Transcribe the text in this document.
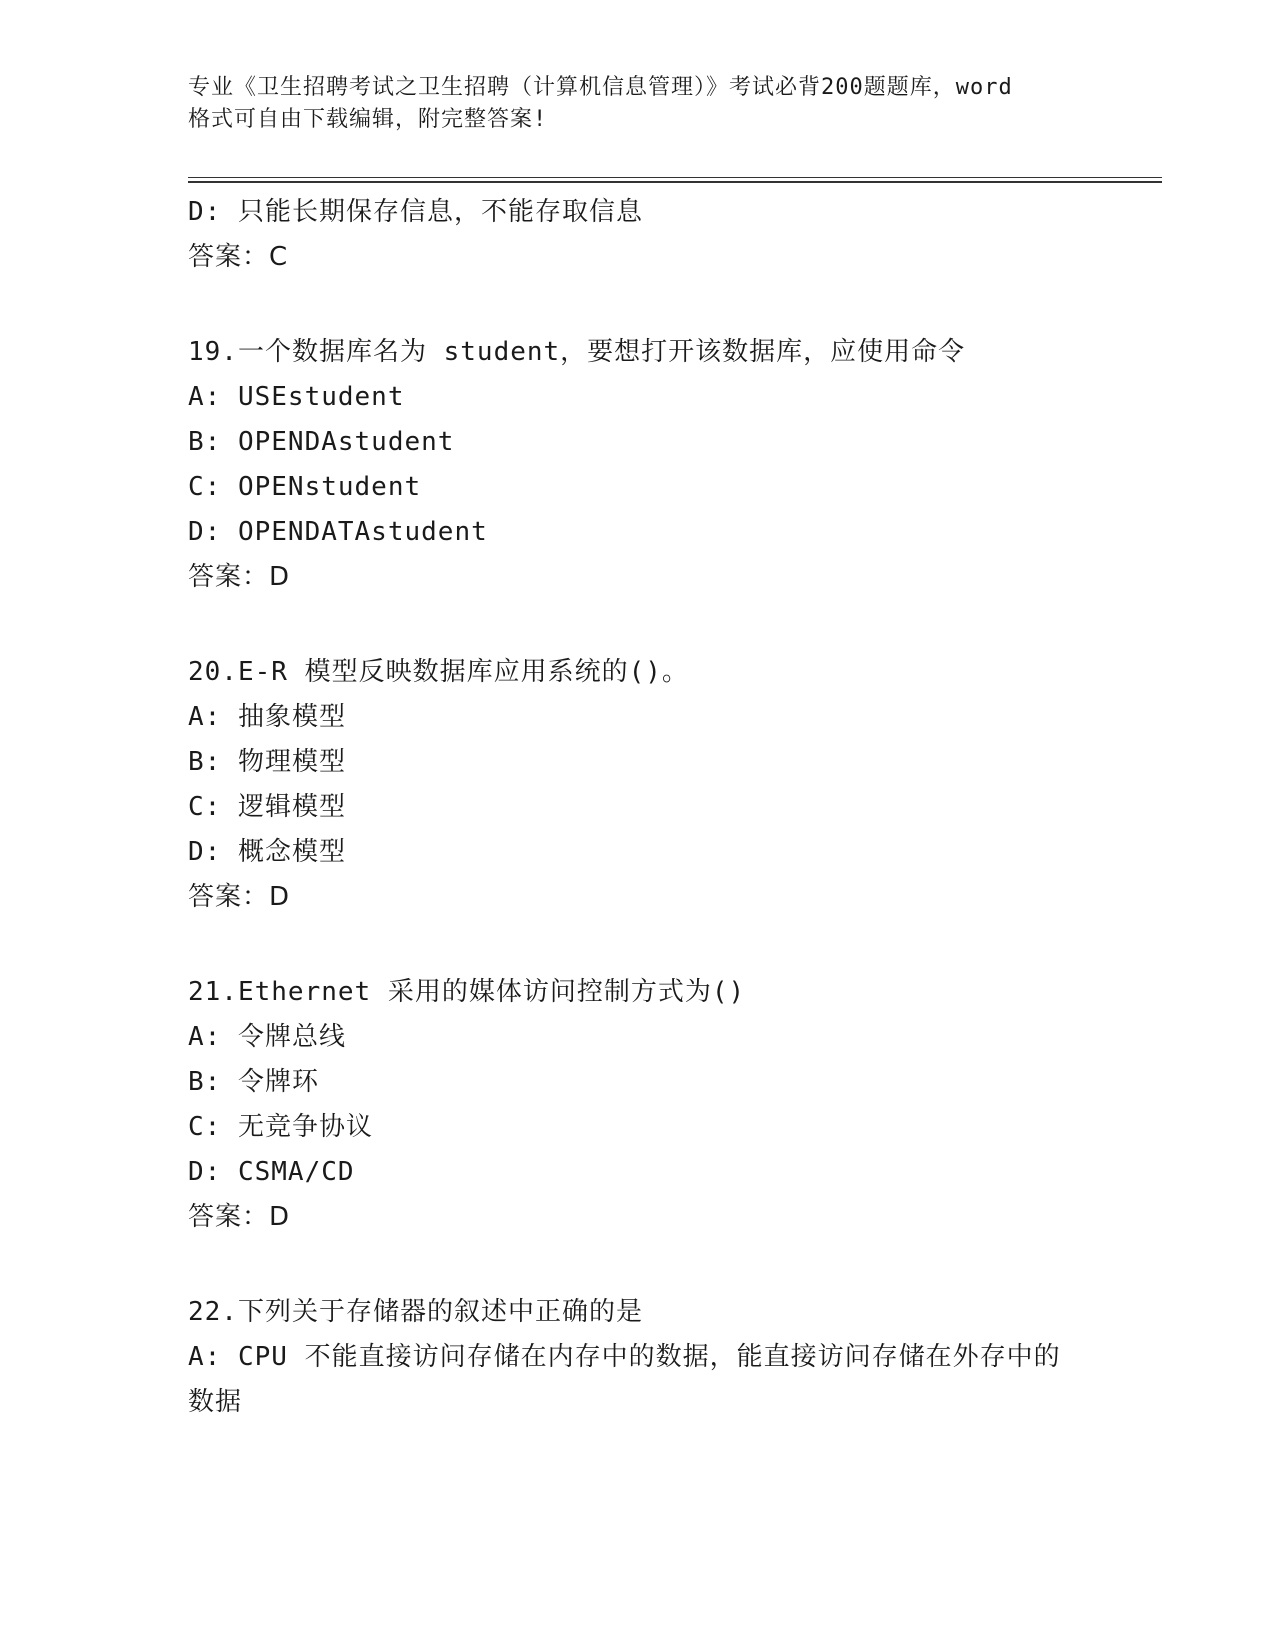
专业《卫生招聘考试之卫生招聘（计算机信息管理）》考试必背200题题库，word
格式可自由下载编辑，附完整答案!
D: 只能长期保存信息，不能存取信息
答案：C
19.一个数据库名为 student，要想打开该数据库，应使用命令
A: USEstudent
B: OPENDAstudent
C: OPENstudent
D: OPENDATAstudent
答案：D
20.E-R 模型反映数据库应用系统的()。
A: 抽象模型
B: 物理模型
C: 逻辑模型
D: 概念模型
答案：D
21.Ethernet 采用的媒体访问控制方式为()
A: 令牌总线
B: 令牌环
C: 无竞争协议
D: CSMA/CD
答案：D
22.下列关于存储器的叙述中正确的是
A: CPU 不能直接访问存储在内存中的数据，能直接访问存储在外存中的数据
